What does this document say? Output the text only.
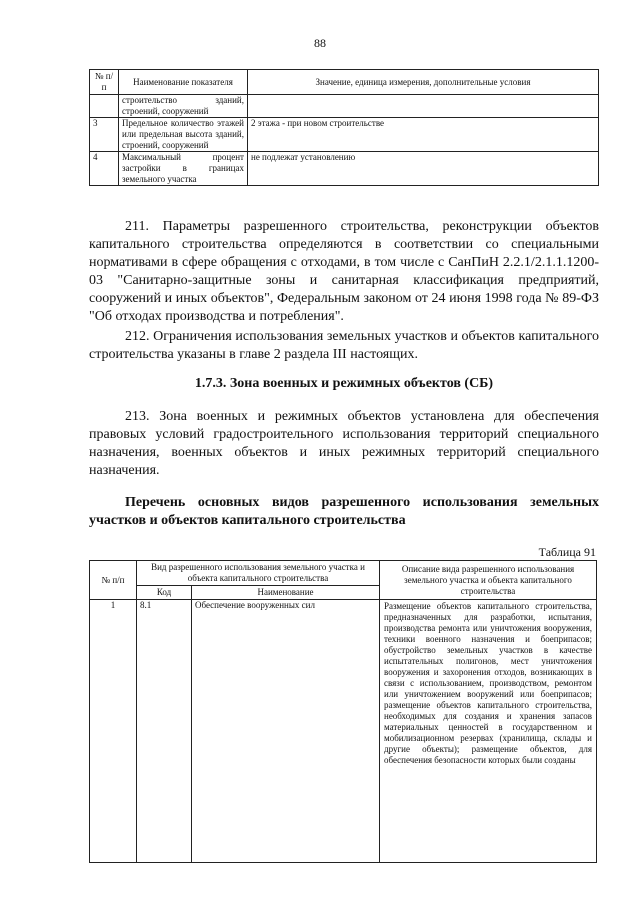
88
№ п/п	Наименование показателя	Значение, единица измерения, дополнительные условия
	строительство зданий, строений, сооружений	
3	Предельное количество этажей или предельная высота зданий, строений, сооружений	2 этажа - при новом строительстве
4	Максимальный процент застройки в границах земельного участка	не подлежат установлению

211. Параметры разрешенного строительства, реконструкции объектов капитального строительства определяются в соответствии со специальными нормативами в сфере обращения с отходами, в том числе с СанПиН 2.2.1/2.1.1.1200-03 "Санитарно-защитные зоны и санитарная классификация предприятий, сооружений и иных объектов", Федеральным законом от 24 июня 1998 года № 89-ФЗ "Об отходах производства и потребления".

212. Ограничения использования земельных участков и объектов капитального строительства указаны в главе 2 раздела III настоящих.

1.7.3. Зона военных и режимных объектов (СБ)

213. Зона военных и режимных объектов установлена для обеспечения правовых условий градостроительного использования территорий специального назначения, военных объектов и иных режимных территорий специального назначения.

Перечень основных видов разрешенного использования земельных участков и объектов капитального строительства

Таблица 91
№ п/п	Вид разрешенного использования земельного участка и объекта капитального строительства		Описание вида разрешенного использования земельного участка и объекта капитального строительства
	Код	Наименование	
1	8.1	Обеспечение вооруженных сил	Размещение объектов капитального строительства, предназначенных для разработки, испытания, производства ремонта или уничтожения вооружения, техники военного назначения и боеприпасов; обустройство земельных участков в качестве испытательных полигонов, мест уничтожения вооружения и захоронения отходов, возникающих в связи с использованием, производством, ремонтом или уничтожением вооружений или боеприпасов; размещение объектов капитального строительства, необходимых для создания и хранения запасов материальных ценностей в государственном и мобилизационном резервах (хранилища, склады и другие объекты); размещение объектов, для обеспечения безопасности которых были созданы
